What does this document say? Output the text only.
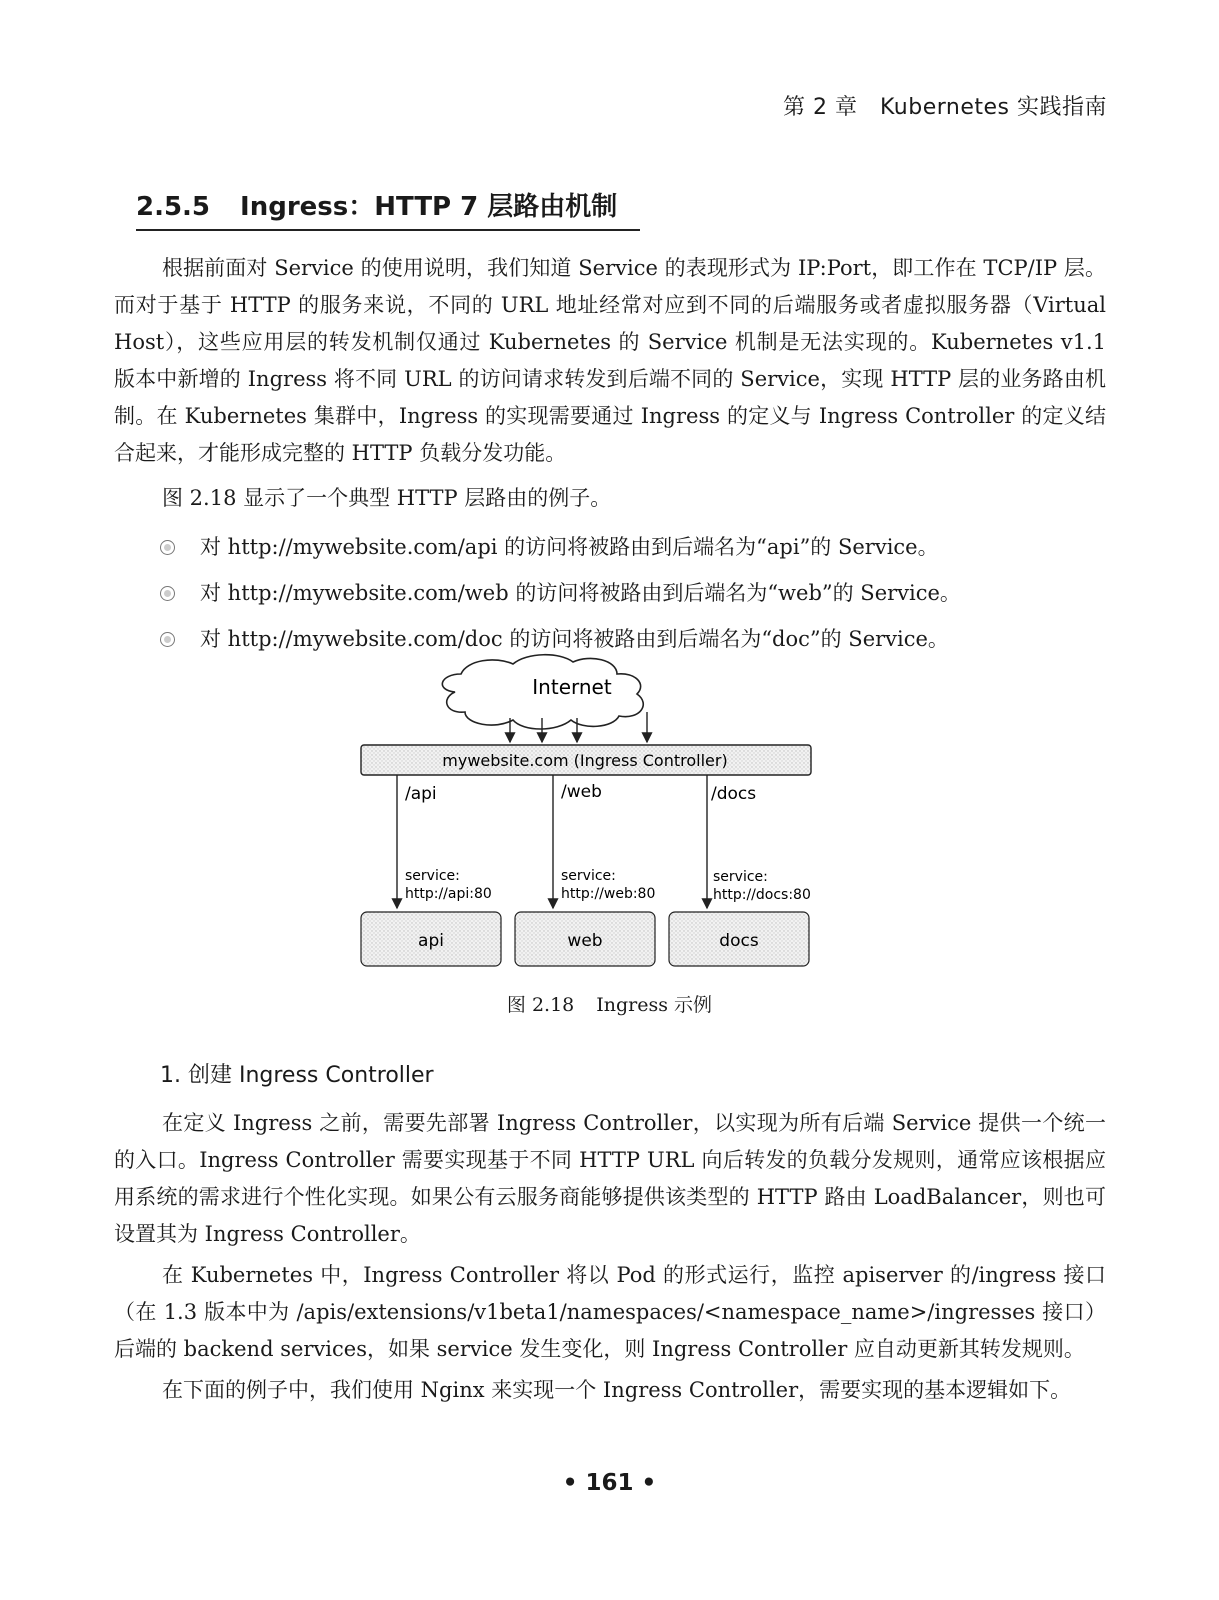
第 2 章　Kubernetes 实践指南
2.5.5 Ingress：HTTP 7 层路由机制

根据前面对 Service 的使用说明，我们知道 Service 的表现形式为 IP:Port，即工作在 TCP/IP 层。而对于基于 HTTP 的服务来说，不同的 URL 地址经常对应到不同的后端服务或者虚拟服务器（Virtual Host），这些应用层的转发机制仅通过 Kubernetes 的 Service 机制是无法实现的。Kubernetes v1.1 版本中新增的 Ingress 将不同 URL 的访问请求转发到后端不同的 Service，实现 HTTP 层的业务路由机制。在 Kubernetes 集群中，Ingress 的实现需要通过 Ingress 的定义与 Ingress Controller 的定义结合起来，才能形成完整的 HTTP 负载分发功能。

图 2.18 显示了一个典型 HTTP 层路由的例子。

对 http://mywebsite.com/api 的访问将被路由到后端名为“api”的 Service。
对 http://mywebsite.com/web 的访问将被路由到后端名为“web”的 Service。
对 http://mywebsite.com/doc 的访问将被路由到后端名为“doc”的 Service。
Internet
mywebsite.com (Ingress Controller)
/api
service:
http://api:80
api
/web
service:
http://web:80
web
/docs
service:
http://docs:80
docs
图 2.18 Ingress 示例
1. 创建 Ingress Controller

在定义 Ingress 之前，需要先部署 Ingress Controller，以实现为所有后端 Service 提供一个统一的入口。Ingress Controller 需要实现基于不同 HTTP URL 向后转发的负载分发规则，通常应该根据应用系统的需求进行个性化实现。如果公有云服务商能够提供该类型的 HTTP 路由 LoadBalancer，则也可设置其为 Ingress Controller。

在 Kubernetes 中，Ingress Controller 将以 Pod 的形式运行，监控 apiserver 的/ingress 接口（在 1.3 版本中为 /apis/extensions/v1beta1/namespaces/<namespace_name>/ingresses 接口）后端的 backend services，如果 service 发生变化，则 Ingress Controller 应自动更新其转发规则。

在下面的例子中，我们使用 Nginx 来实现一个 Ingress Controller，需要实现的基本逻辑如下。

• 161 •
